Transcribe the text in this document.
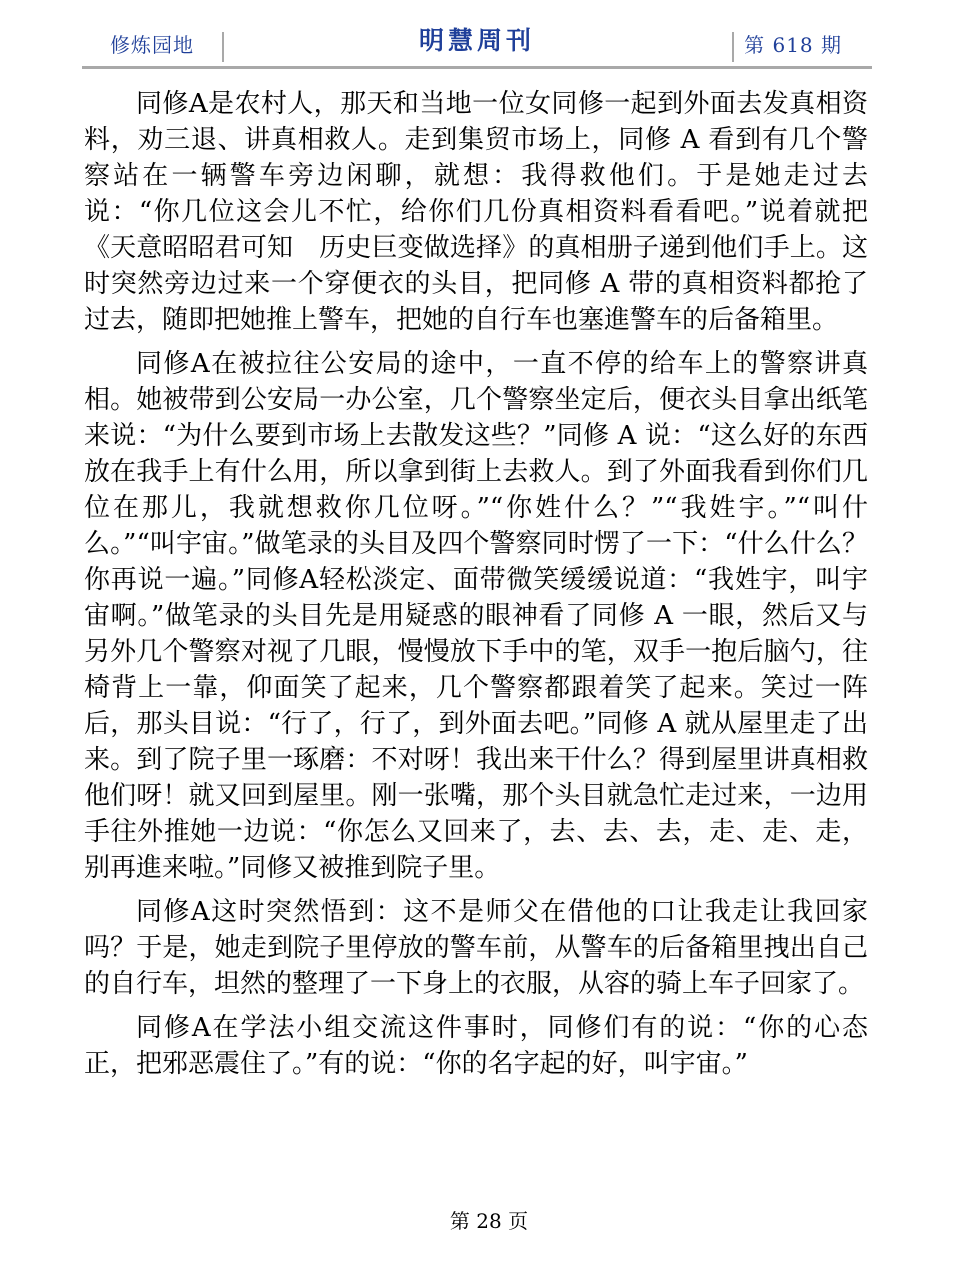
修炼园地	明慧周刊	第 618 期

同修A是农村人，那天和当地一位女同修一起到外面去发真相资料，劝三退、讲真相救人。走到集贸市场上，同修 A 看到有几个警察站在一辆警车旁边闲聊，就想：我得救他们。于是她走过去说：“你几位这会儿不忙，给你们几份真相资料看看吧。”说着就把《天意昭昭君可知　历史巨变做选择》的真相册子递到他们手上。这时突然旁边过来一个穿便衣的头目，把同修 A 带的真相资料都抢了过去，随即把她推上警车，把她的自行车也塞進警车的后备箱里。

同修A在被拉往公安局的途中，一直不停的给车上的警察讲真相。她被带到公安局一办公室，几个警察坐定后，便衣头目拿出纸笔来说：“为什么要到市场上去散发这些？”同修 A 说：“这么好的东西放在我手上有什么用，所以拿到街上去救人。到了外面我看到你们几位在那儿，我就想救你几位呀。”“你姓什么？”“我姓宇。”“叫什么。”“叫宇宙。”做笔录的头目及四个警察同时愣了一下：“什么什么？你再说一遍。”同修A轻松淡定、面带微笑缓缓说道：“我姓宇，叫宇宙啊。”做笔录的头目先是用疑惑的眼神看了同修 A 一眼，然后又与另外几个警察对视了几眼，慢慢放下手中的笔，双手一抱后脑勺，往椅背上一靠，仰面笑了起来，几个警察都跟着笑了起来。笑过一阵后，那头目说：“行了，行了，到外面去吧。”同修 A 就从屋里走了出来。到了院子里一琢磨：不对呀！我出来干什么？得到屋里讲真相救他们呀！就又回到屋里。刚一张嘴，那个头目就急忙走过来，一边用手往外推她一边说：“你怎么又回来了，去、去、去，走、走、走，别再進来啦。”同修又被推到院子里。

同修A这时突然悟到：这不是师父在借他的口让我走让我回家吗？于是，她走到院子里停放的警车前，从警车的后备箱里拽出自己的自行车，坦然的整理了一下身上的衣服，从容的骑上车子回家了。

同修A在学法小组交流这件事时，同修们有的说：“你的心态正，把邪恶震住了。”有的说：“你的名字起的好，叫宇宙。”

第 28 页
